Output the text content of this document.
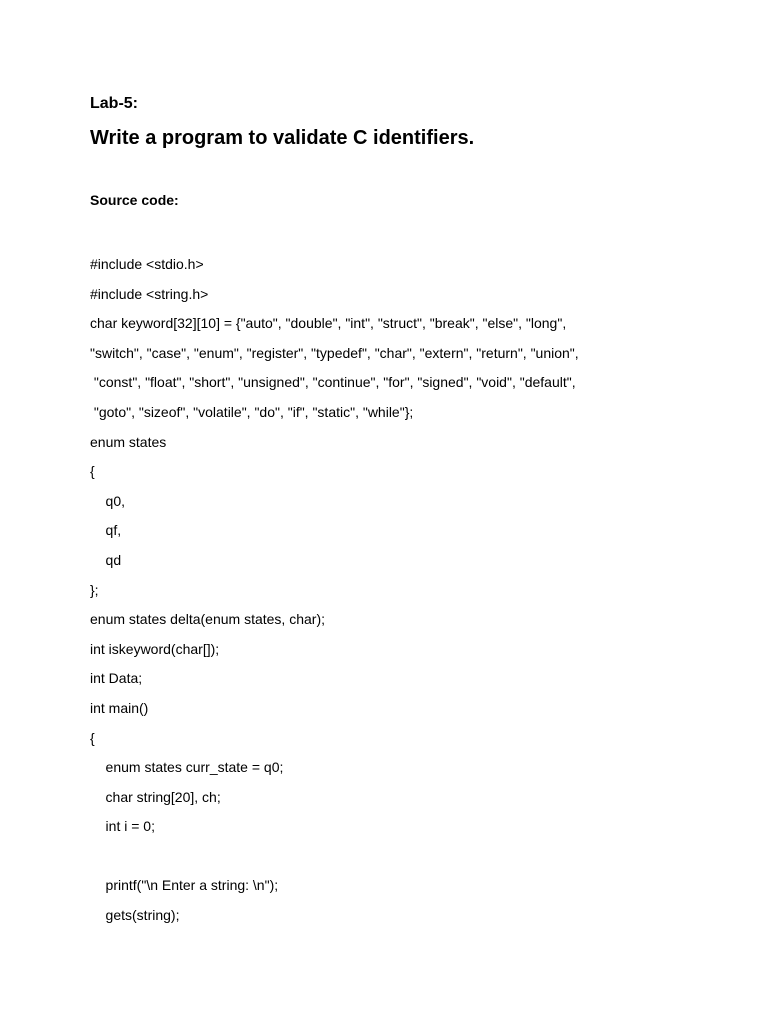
Lab-5:
Write a program to validate C identifiers.
Source code:
#include <stdio.h>
#include <string.h>
char keyword[32][10] = {"auto", "double", "int", "struct", "break", "else", "long",
"switch", "case", "enum", "register", "typedef", "char", "extern", "return", "union",
"const", "float", "short", "unsigned", "continue", "for", "signed", "void", "default",
"goto", "sizeof", "volatile", "do", "if", "static", "while"};
enum states
{
q0,
qf,
qd
};
enum states delta(enum states, char);
int iskeyword(char[]);
int Data;
int main()
{
enum states curr_state = q0;
char string[20], ch;
int i = 0;
printf("\n Enter a string: \n");
gets(string);
